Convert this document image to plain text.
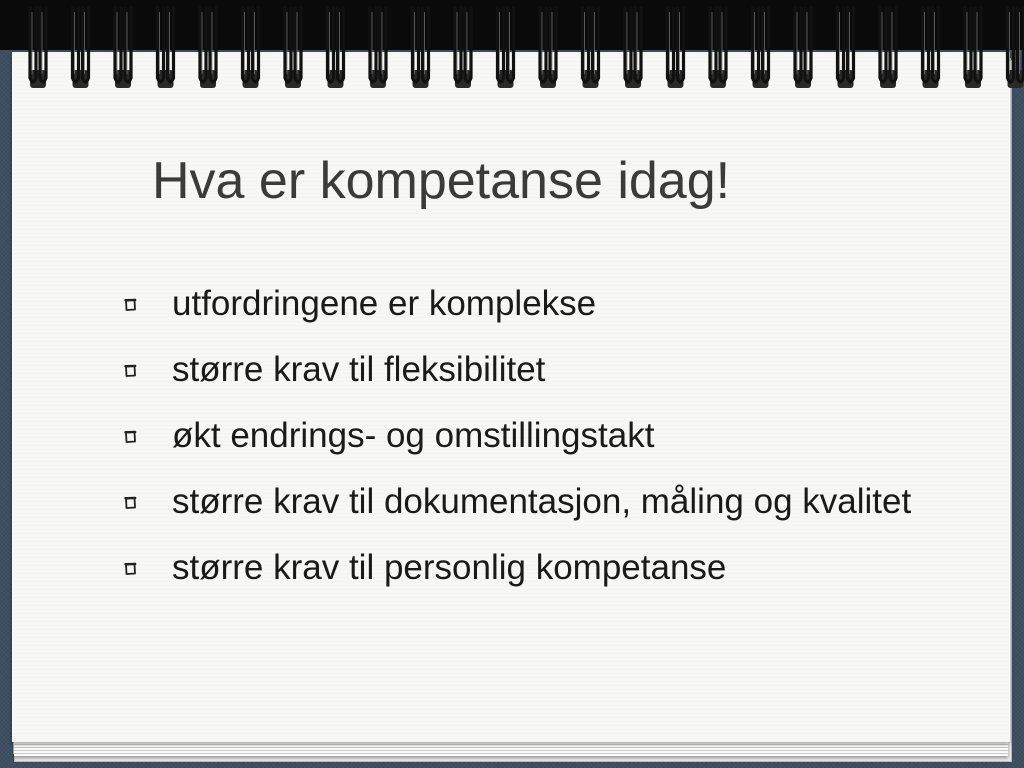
Hva er kompetanse idag!
utfordringene er komplekse
større krav til fleksibilitet
økt endrings- og omstillingstakt
større krav til dokumentasjon, måling og kvalitet
større krav til personlig kompetanse
